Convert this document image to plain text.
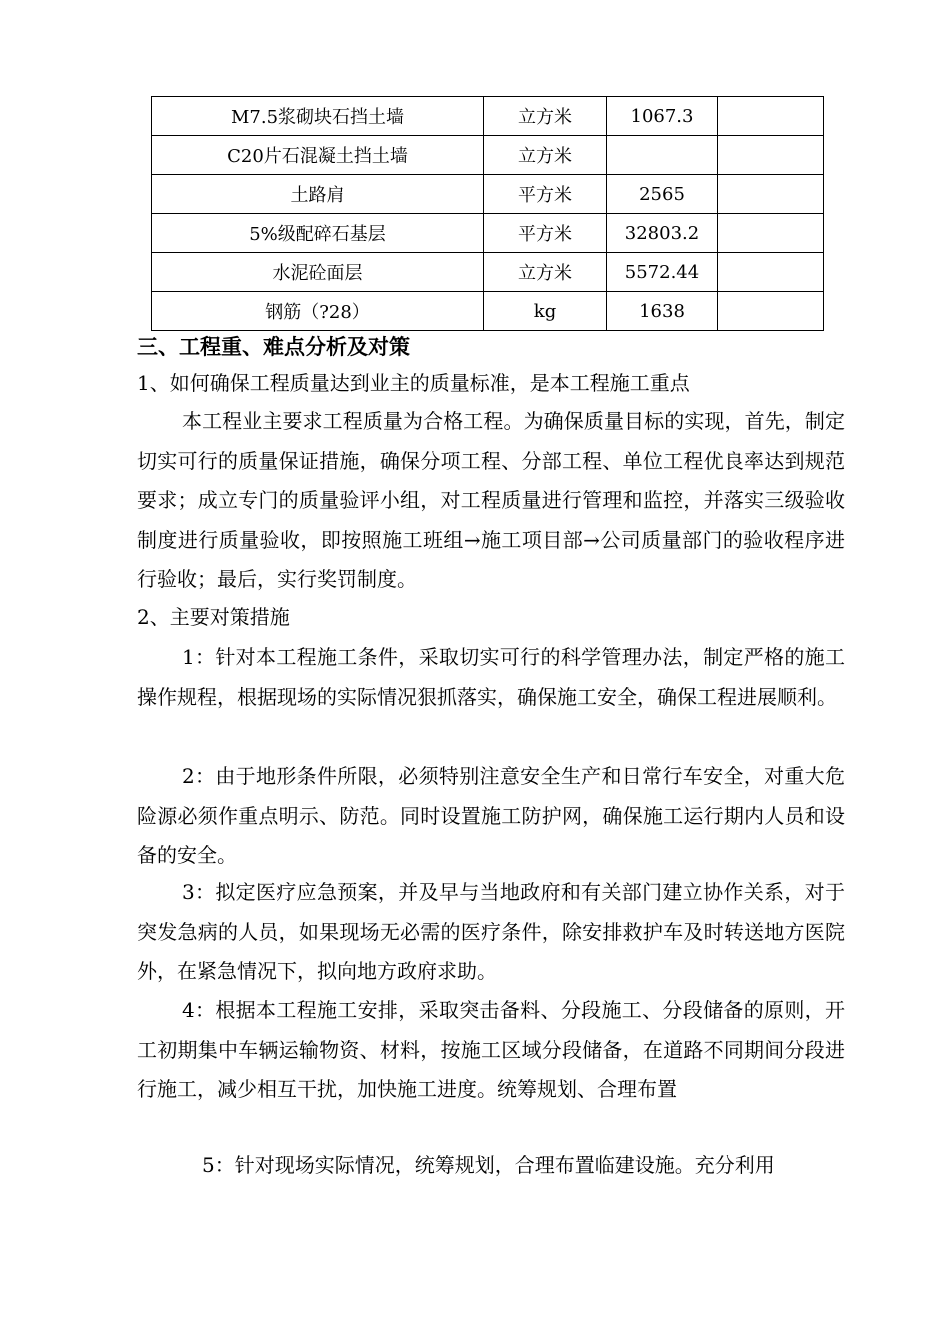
M7.5浆砌块石挡土墙	立方米	1067.3	
C20片石混凝土挡土墙	立方米		
土路肩	平方米	2565	
5%级配碎石基层	平方米	32803.2	
水泥砼面层	立方米	5572.44	
钢筋（?28）	kg	1638	
三、工程重、难点分析及对策
1、如何确保工程质量达到业主的质量标准，是本工程施工重点
本工程业主要求工程质量为合格工程。为确保质量目标的实现，首先，制定切实可行的质量保证措施，确保分项工程、分部工程、单位工程优良率达到规范要求；成立专门的质量验评小组，对工程质量进行管理和监控，并落实三级验收制度进行质量验收，即按照施工班组→施工项目部→公司质量部门的验收程序进行验收；最后，实行奖罚制度。
2、主要对策措施
1：针对本工程施工条件，采取切实可行的科学管理办法，制定严格的施工操作规程，根据现场的实际情况狠抓落实，确保施工安全，确保工程进展顺利。
2：由于地形条件所限，必须特别注意安全生产和日常行车安全，对重大危险源必须作重点明示、防范。同时设置施工防护网，确保施工运行期内人员和设备的安全。
3：拟定医疗应急预案，并及早与当地政府和有关部门建立协作关系，对于突发急病的人员，如果现场无必需的医疗条件，除安排救护车及时转送地方医院外，在紧急情况下，拟向地方政府求助。
4：根据本工程施工安排，采取突击备料、分段施工、分段储备的原则，开工初期集中车辆运输物资、材料，按施工区域分段储备，在道路不同期间分段进行施工，减少相互干扰，加快施工进度。统筹规划、合理布置
5：针对现场实际情况，统筹规划，合理布置临建设施。充分利用
